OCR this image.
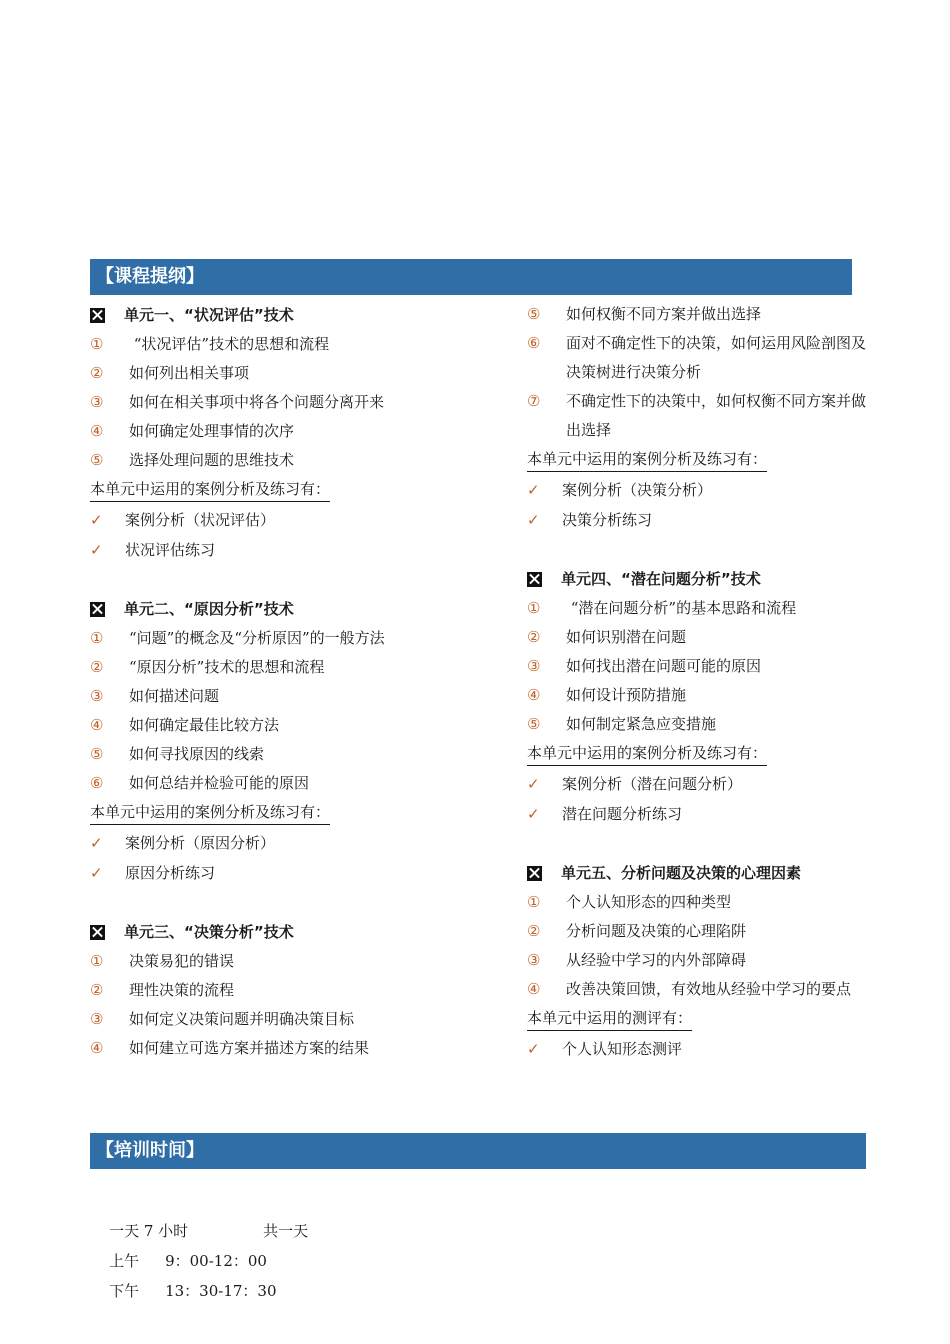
【课程提纲】
单元一、“状况评估”技术
①	“状况评估”技术的思想和流程
②	如何列出相关事项
③	如何在相关事项中将各个问题分离开来
④	如何确定处理事情的次序
⑤	选择处理问题的思维技术
本单元中运用的案例分析及练习有：
✓	案例分析（状况评估）
✓	状况评估练习
单元二、“原因分析”技术
①	“问题”的概念及“分析原因”的一般方法
②	“原因分析”技术的思想和流程
③	如何描述问题
④	如何确定最佳比较方法
⑤	如何寻找原因的线索
⑥	如何总结并检验可能的原因
本单元中运用的案例分析及练习有：
✓	案例分析（原因分析）
✓	原因分析练习
单元三、“决策分析”技术
①	决策易犯的错误
②	理性决策的流程
③	如何定义决策问题并明确决策目标
④	如何建立可选方案并描述方案的结果
⑤	如何权衡不同方案并做出选择
⑥	面对不确定性下的决策，如何运用风险剖图及决策树进行决策分析
⑦	不确定性下的决策中，如何权衡不同方案并做出选择
本单元中运用的案例分析及练习有：
✓	案例分析（决策分析）
✓	决策分析练习
单元四、“潜在问题分析”技术
①	“潜在问题分析”的基本思路和流程
②	如何识别潜在问题
③	如何找出潜在问题可能的原因
④	如何设计预防措施
⑤	如何制定紧急应变措施
本单元中运用的案例分析及练习有：
✓	案例分析（潜在问题分析）
✓	潜在问题分析练习
单元五、分析问题及决策的心理因素
①	个人认知形态的四种类型
②	分析问题及决策的心理陷阱
③	从经验中学习的内外部障碍
④	改善决策回馈，有效地从经验中学习的要点
本单元中运用的测评有：
✓	个人认知形态测评
【培训时间】

一天 7 小时	共一天

上午 9：00-12：00

下午 13：30-17：30
